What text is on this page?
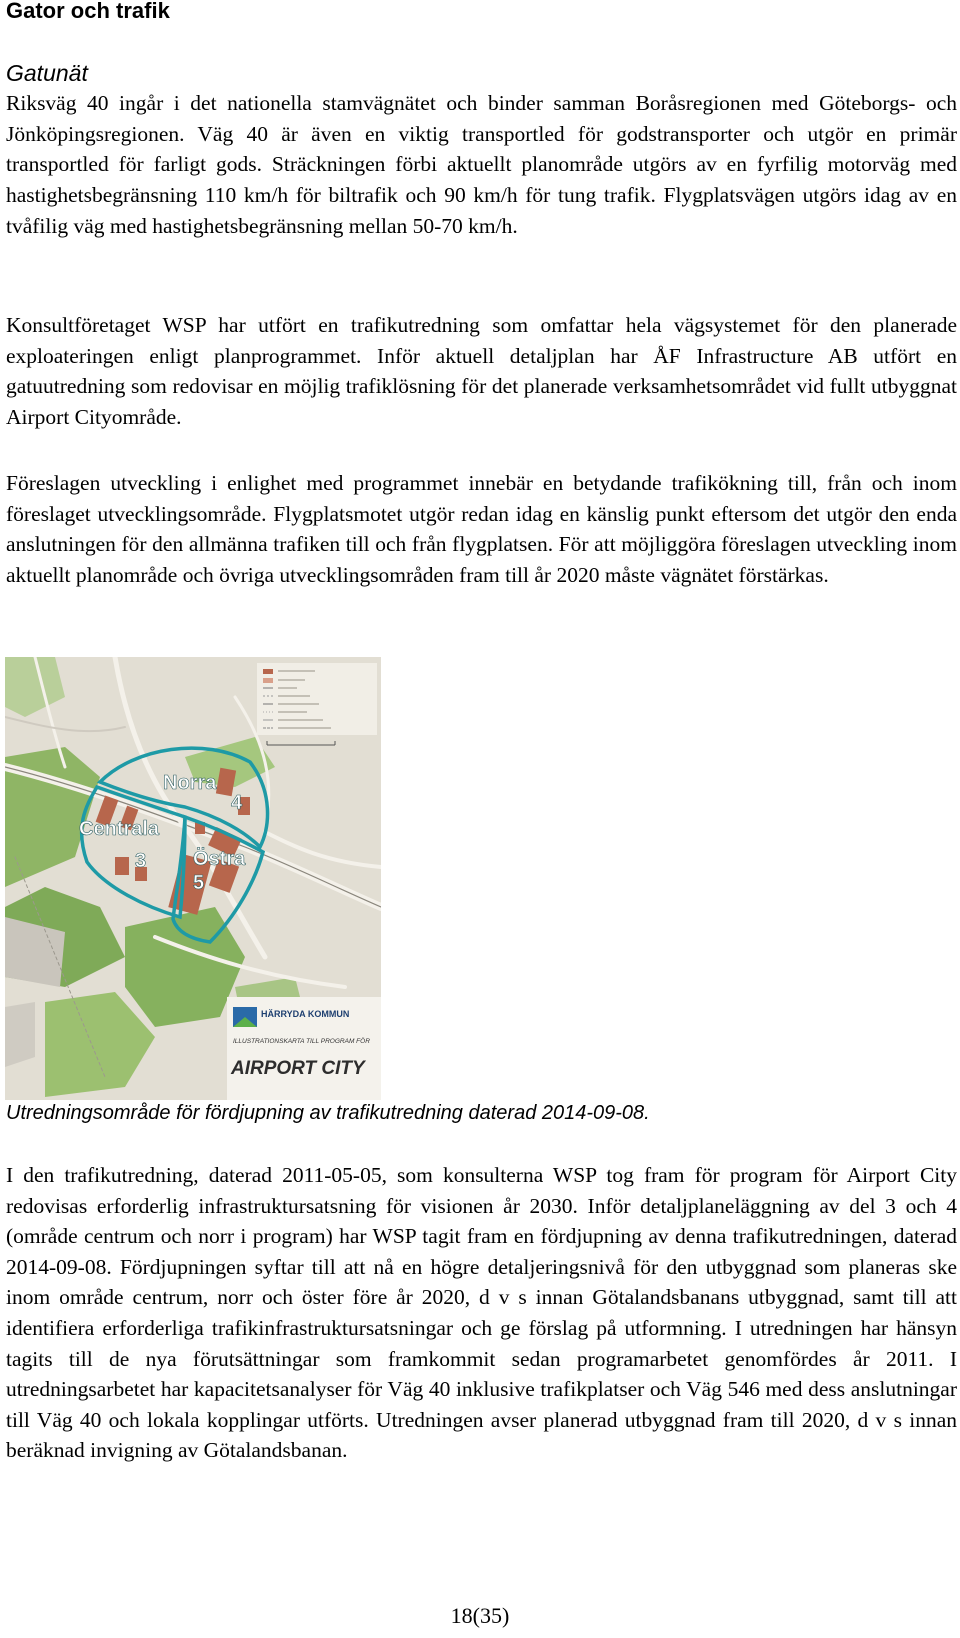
Gator och trafik
Gatunät

Riksväg 40 ingår i det nationella stamvägnätet och binder samman Boråsregionen med Göteborgs- och Jönköpingsregionen. Väg 40 är även en viktig transportled för godstransporter och utgör en primär transportled för farligt gods. Sträckningen förbi aktuellt planområde utgörs av en fyrfilig motorväg med hastighetsbegränsning 110 km/h för biltrafik och 90 km/h för tung trafik. Flygplatsvägen utgörs idag av en tvåfilig väg med hastighetsbegränsning mellan 50-70 km/h.

Konsultföretaget WSP har utfört en trafikutredning som omfattar hela vägsystemet för den planerade exploateringen enligt planprogrammet. Inför aktuell detaljplan har ÅF Infrastructure AB utfört en gatuutredning som redovisar en möjlig trafiklösning för det planerade verksamhetsområdet vid fullt utbyggnat Airport Cityområde.

Föreslagen utveckling i enlighet med programmet innebär en betydande trafikökning till, från och inom föreslaget utvecklingsområde. Flygplatsmotet utgör redan idag en känslig punkt eftersom det utgör den enda anslutningen för den allmänna trafiken till och från flygplatsen. För att möjliggöra föreslagen utveckling inom aktuellt planområde och övriga utvecklingsområden fram till år 2020 måste vägnätet förstärkas.

Norra
4
Centrala
3 Östra
5
HÄRRYDA KOMMUN
ILLUSTRATIONSKARTA TILL PROGRAM FÖR
AIRPORT CITY
Utredningsområde för fördjupning av trafikutredning daterad 2014-09-08.

I den trafikutredning, daterad 2011-05-05, som konsulterna WSP tog fram för program för Airport City redovisas erforderlig infrastruktursatsning för visionen år 2030. Inför detaljplaneläggning av del 3 och 4 (område centrum och norr i program) har WSP tagit fram en fördjupning av denna trafikutredningen, daterad 2014-09-08. Fördjupningen syftar till att nå en högre detaljeringsnivå för den utbyggnad som planeras ske inom område centrum, norr och öster före år 2020, d v s innan Götalandsbanans utbyggnad, samt till att identifiera erforderliga trafikinfrastruktursatsningar och ge förslag på utformning. I utredningen har hänsyn tagits till de nya förutsättningar som framkommit sedan programarbetet genomfördes år 2011. I utredningsarbetet har kapacitetsanalyser för Väg 40 inklusive trafikplatser och Väg 546 med dess anslutningar till Väg 40 och lokala kopplingar utförts. Utredningen avser planerad utbyggnad fram till 2020, d v s innan beräknad invigning av Götalandsbanan.

18(35)
